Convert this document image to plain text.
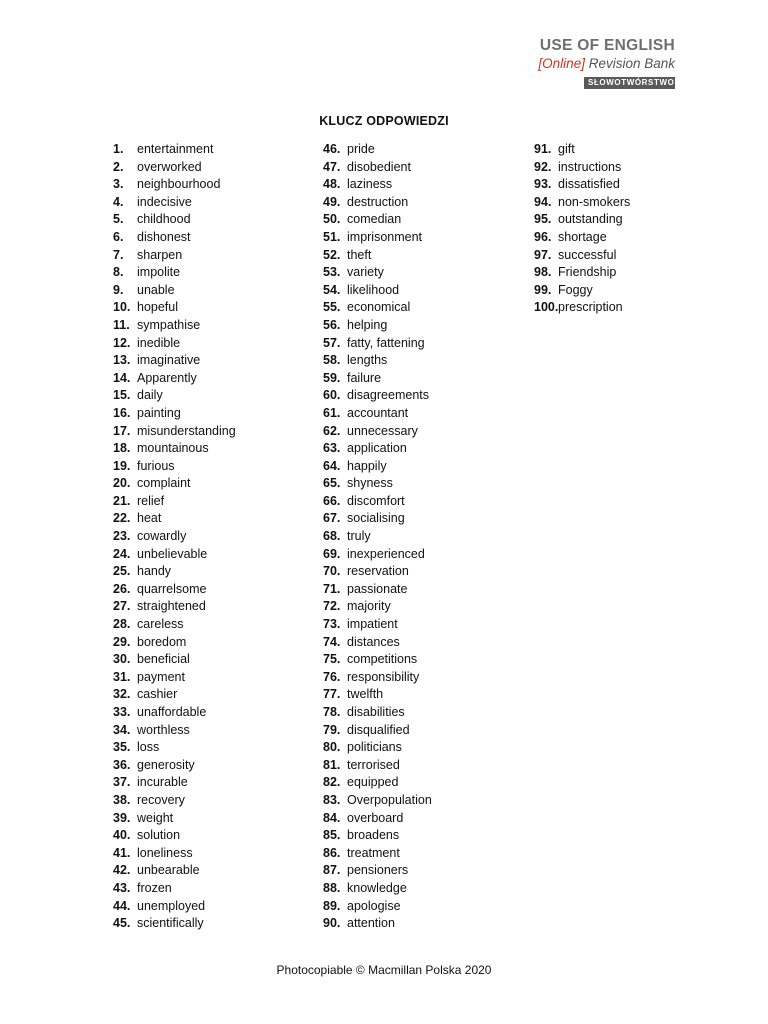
USE OF ENGLISH
[Online] Revision Bank
SŁOWOTWÓRSTWO
KLUCZ ODPOWIEDZI
1. entertainment
2. overworked
3. neighbourhood
4. indecisive
5. childhood
6. dishonest
7. sharpen
8. impolite
9. unable
10. hopeful
11. sympathise
12. inedible
13. imaginative
14. Apparently
15. daily
16. painting
17. misunderstanding
18. mountainous
19. furious
20. complaint
21. relief
22. heat
23. cowardly
24. unbelievable
25. handy
26. quarrelsome
27. straightened
28. careless
29. boredom
30. beneficial
31. payment
32. cashier
33. unaffordable
34. worthless
35. loss
36. generosity
37. incurable
38. recovery
39. weight
40. solution
41. loneliness
42. unbearable
43. frozen
44. unemployed
45. scientifically
46. pride
47. disobedient
48. laziness
49. destruction
50. comedian
51. imprisonment
52. theft
53. variety
54. likelihood
55. economical
56. helping
57. fatty, fattening
58. lengths
59. failure
60. disagreements
61. accountant
62. unnecessary
63. application
64. happily
65. shyness
66. discomfort
67. socialising
68. truly
69. inexperienced
70. reservation
71. passionate
72. majority
73. impatient
74. distances
75. competitions
76. responsibility
77. twelfth
78. disabilities
79. disqualified
80. politicians
81. terrorised
82. equipped
83. Overpopulation
84. overboard
85. broadens
86. treatment
87. pensioners
88. knowledge
89. apologise
90. attention
91. gift
92. instructions
93. dissatisfied
94. non-smokers
95. outstanding
96. shortage
97. successful
98. Friendship
99. Foggy
100.prescription
Photocopiable © Macmillan Polska 2020
